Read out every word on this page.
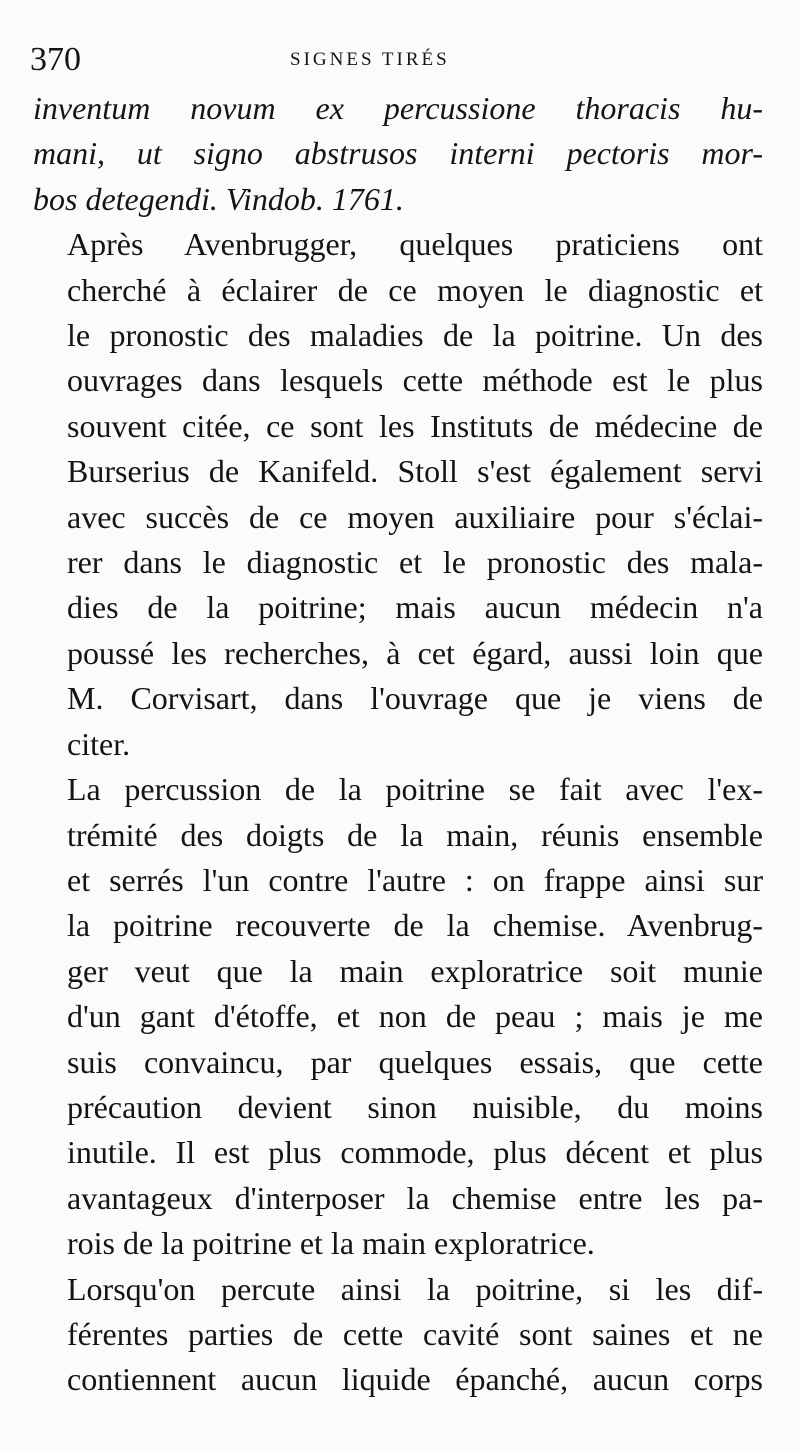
370	SIGNES TIRÉS

inventum novum ex percussione thoracis hu-
mani, ut signo abstrusos interni pectoris mor-
bos detegendi. Vindob. 1761.

Après Avenbrugger, quelques praticiens ont
cherché à éclairer de ce moyen le diagnostic et
le pronostic des maladies de la poitrine. Un des
ouvrages dans lesquels cette méthode est le plus
souvent citée, ce sont les Instituts de médecine de
Burserius de Kanifeld. Stoll s'est également servi
avec succès de ce moyen auxiliaire pour s'éclai-
rer dans le diagnostic et le pronostic des mala-
dies de la poitrine; mais aucun médecin n'a
poussé les recherches, à cet égard, aussi loin que
M. Corvisart, dans l'ouvrage que je viens de
citer.

La percussion de la poitrine se fait avec l'ex-
trémité des doigts de la main, réunis ensemble
et serrés l'un contre l'autre : on frappe ainsi sur
la poitrine recouverte de la chemise. Avenbrug-
ger veut que la main exploratrice soit munie
d'un gant d'étoffe, et non de peau ; mais je me
suis convaincu, par quelques essais, que cette
précaution devient sinon nuisible, du moins
inutile. Il est plus commode, plus décent et plus
avantageux d'interposer la chemise entre les pa-
rois de la poitrine et la main exploratrice.

Lorsqu'on percute ainsi la poitrine, si les dif-
férentes parties de cette cavité sont saines et ne
contiennent aucun liquide épanché, aucun corps
